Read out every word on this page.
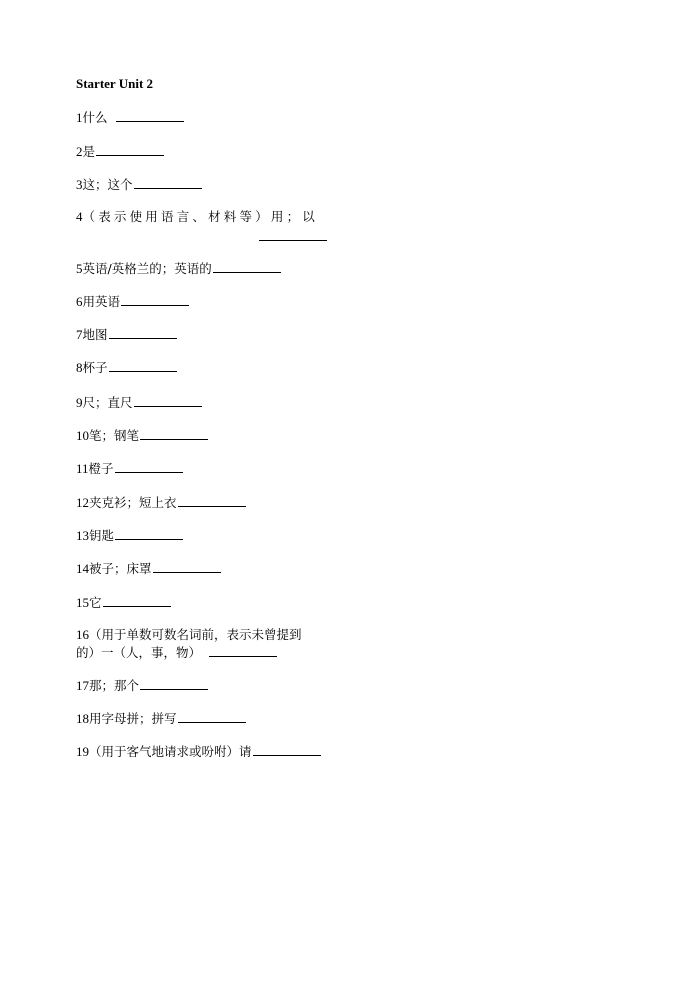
Starter Unit 2
1什么
2是
3这；这个
4（表示使用语言、材料等）用；以
5英语/英格兰的；英语的
6用英语
7地图
8杯子
9尺；直尺
10笔；钢笔
11橙子
12夹克衫；短上衣
13钥匙
14被子；床罩
15它
16（用于单数可数名词前，表示未曾提到
的）一（人，事，物）
17那；那个
18用字母拼；拼写
19（用于客气地请求或吩咐）请
